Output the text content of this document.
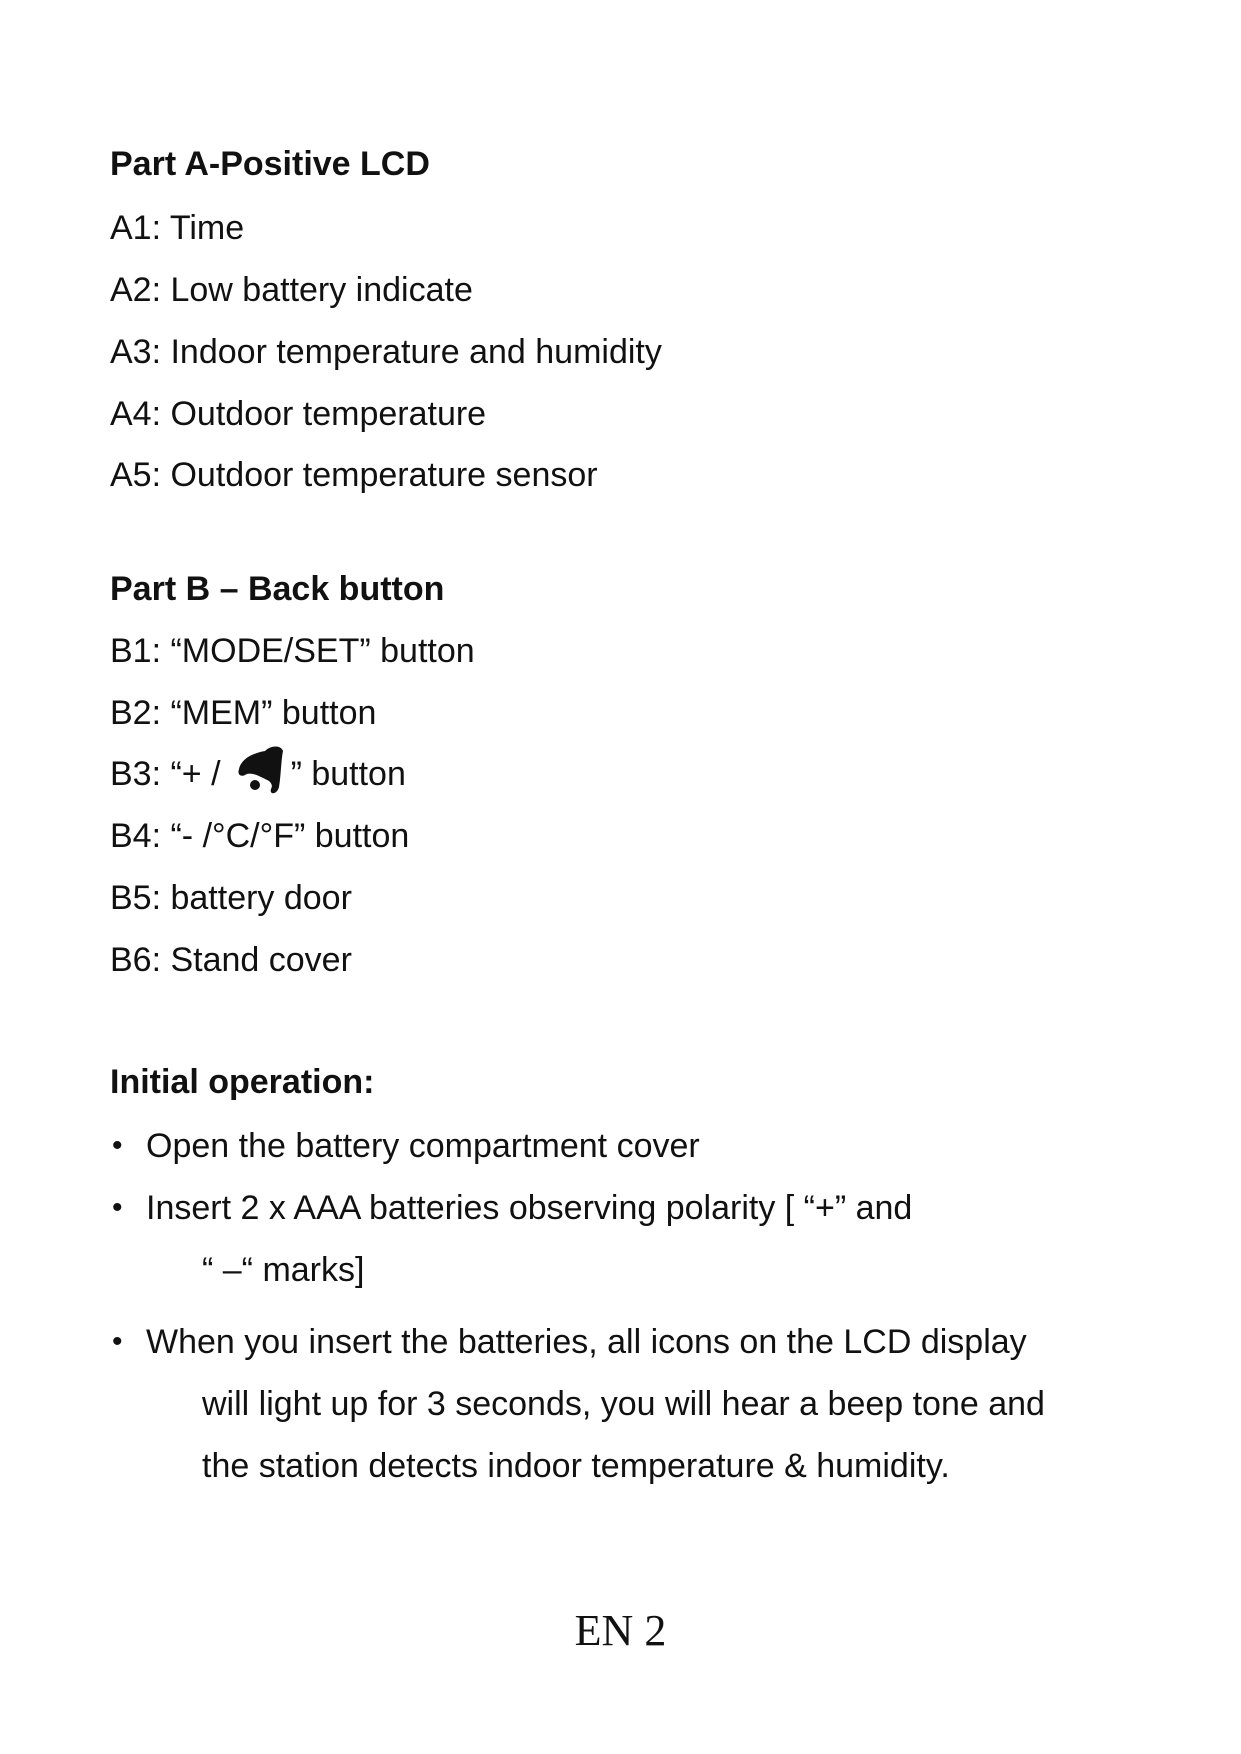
Part A-Positive LCD
A1: Time
A2: Low battery indicate
A3: Indoor temperature and humidity
A4: Outdoor temperature
A5: Outdoor temperature sensor
Part B – Back button
B1: “MODE/SET” button
B2: “MEM” button
B3: “+ / ” button
B4: “- /°C/°F” button
B5: battery door
B6: Stand cover
Initial operation:
• Open the battery compartment cover
• Insert 2 x AAA batteries observing polarity [ “+” and
“ –“ marks]
• When you insert the batteries, all icons on the LCD display
will light up for 3 seconds, you will hear a beep tone and
the station detects indoor temperature & humidity.
EN 2
